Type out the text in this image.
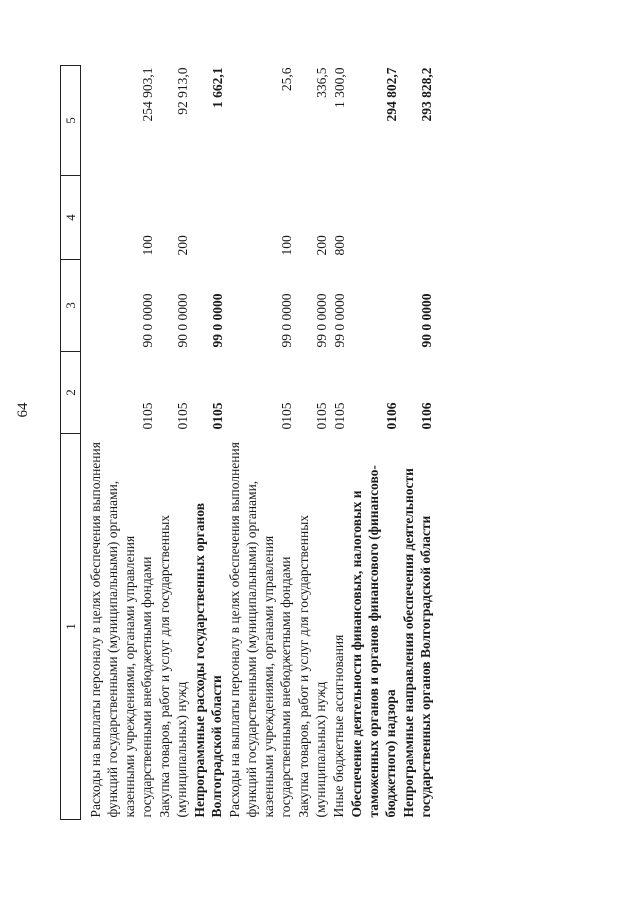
64
1	2	3	4	5

Расходы на выплаты персоналу в целях обеспечения выполнения функций государственными (муниципальными) органами, казенными учреждениями, органами управления государственными внебюджетными фондами	0105	90 0 0000	100	254 903,1
Закупка товаров, работ и услуг для государственных (муниципальных) нужд	0105	90 0 0000	200	92 913,0
Непрограммные расходы государственных органов Волгоградской области	0105	99 0 0000		1 662,1
Расходы на выплаты персоналу в целях обеспечения выполнения функций государственными (муниципальными) органами, казенными учреждениями, органами управления государственными внебюджетными фондами	0105	99 0 0000	100	25,6
Закупка товаров, работ и услуг для государственных (муниципальных) нужд	0105	99 0 0000	200	336,5
Иные бюджетные ассигнования	0105	99 0 0000	800	1 300,0
Обеспечение деятельности финансовых, налоговых и таможенных органов и органов финансового (финансово-бюджетного) надзора	0106			294 802,7
Непрограммные направления обеспечения деятельности государственных органов Волгоградской области	0106	90 0 0000		293 828,2
